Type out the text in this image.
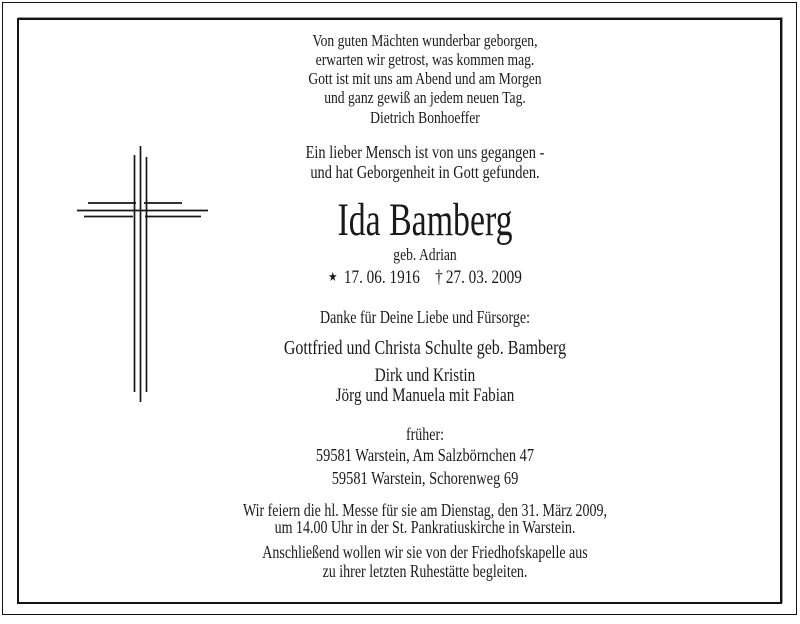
Von guten Mächten wunderbar geborgen,
erwarten wir getrost, was kommen mag.
Gott ist mit uns am Abend und am Morgen
und ganz gewiß an jedem neuen Tag.
Dietrich Bonhoeffer
Ein lieber Mensch ist von uns gegangen -
und hat Geborgenheit in Gott gefunden.
Ida Bamberg
geb. Adrian
★ 17. 06. 1916 † 27. 03. 2009
Danke für Deine Liebe und Fürsorge:
Gottfried und Christa Schulte geb. Bamberg
Dirk und Kristin
Jörg und Manuela mit Fabian
früher:
59581 Warstein, Am Salzbörnchen 47
59581 Warstein, Schorenweg 69
Wir feiern die hl. Messe für sie am Dienstag, den 31. März 2009,
um 14.00 Uhr in der St. Pankratiuskirche in Warstein.
Anschließend wollen wir sie von der Friedhofskapelle aus
zu ihrer letzten Ruhestätte begleiten.
